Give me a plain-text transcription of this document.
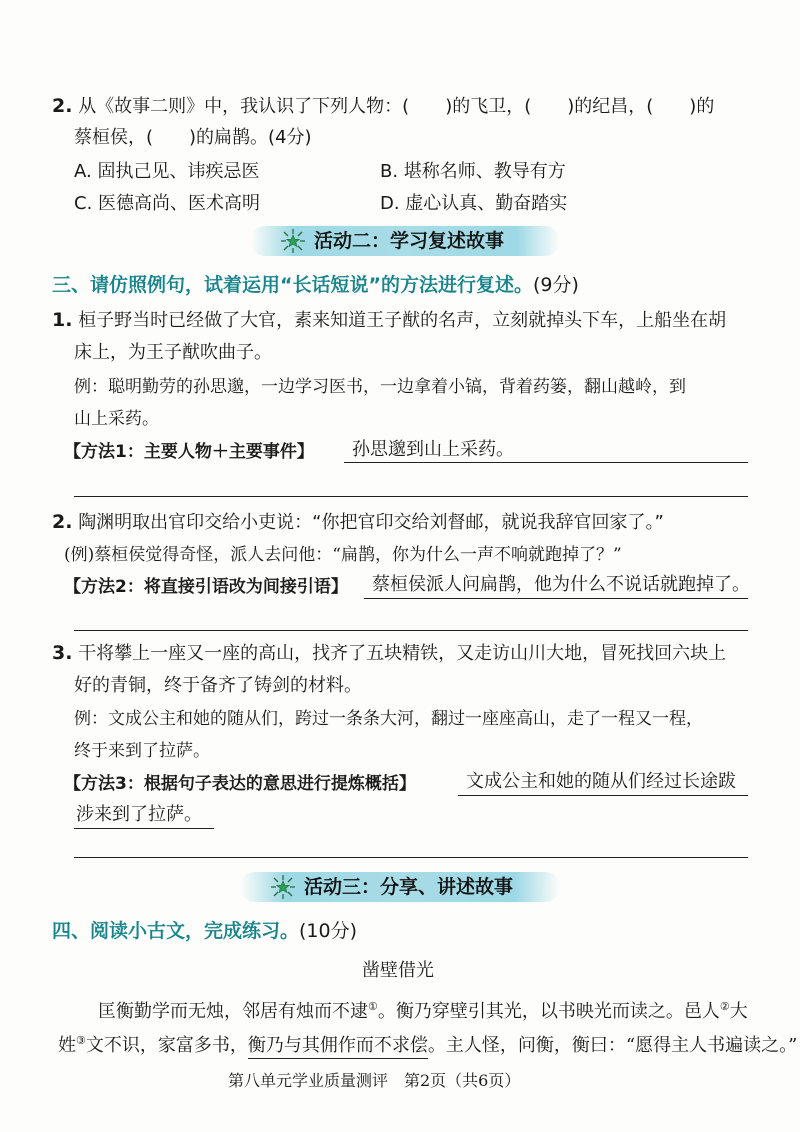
2. 从《故事二则》中，我认识了下列人物：(　　)的飞卫，(　　)的纪昌，(　　)的
蔡桓侯，(　　)的扁鹊。(4分)
A. 固执己见、讳疾忌医	B. 堪称名师、教导有方
C. 医德高尚、医术高明	D. 虚心认真、勤奋踏实
活动二：学习复述故事
三、请仿照例句，试着运用“长话短说”的方法进行复述。(9分)
1. 桓子野当时已经做了大官，素来知道王子猷的名声，立刻就掉头下车，上船坐在胡
床上，为王子猷吹曲子。
例：聪明勤劳的孙思邈，一边学习医书，一边拿着小镐，背着药篓，翻山越岭，到
山上采药。
【方法1：主要人物＋主要事件】 孙思邈到山上采药。
2. 陶渊明取出官印交给小吏说：“你把官印交给刘督邮，就说我辞官回家了。”
(例)蔡桓侯觉得奇怪，派人去问他：“扁鹊，你为什么一声不响就跑掉了？”
【方法2：将直接引语改为间接引语】 蔡桓侯派人问扁鹊，他为什么不说话就跑掉了。
3. 干将攀上一座又一座的高山，找齐了五块精铁，又走访山川大地，冒死找回六块上
好的青铜，终于备齐了铸剑的材料。
例：文成公主和她的随从们，跨过一条条大河，翻过一座座高山，走了一程又一程，
终于来到了拉萨。
【方法3：根据句子表达的意思进行提炼概括】	文成公主和她的随从们经过长途跋
涉来到了拉萨。
活动三：分享、讲述故事
四、阅读小古文，完成练习。(10分)
凿壁借光
匡衡勤学而无烛，邻居有烛而不逮①。衡乃穿壁引其光，以书映光而读之。邑人②大
姓③文不识，家富多书，衡乃与其佣作而不求偿。主人怪，问衡，衡曰：“愿得主人书遍读之。”
第八单元学业质量测评　第2页（共6页）
